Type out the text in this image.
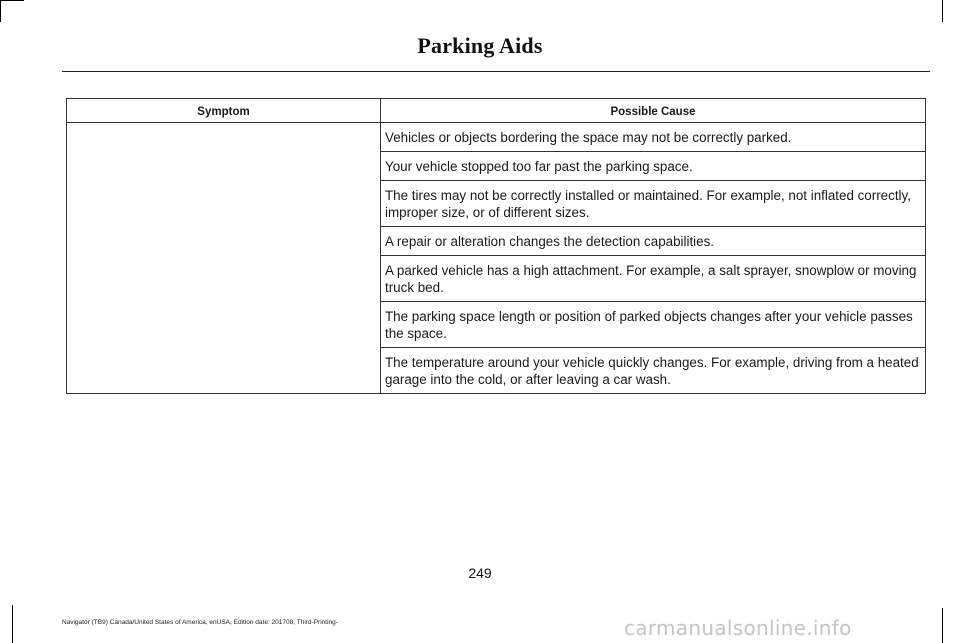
Parking Aids
Symptom	Possible Cause
	Vehicles or objects bordering the space may not be correctly parked.
	Your vehicle stopped too far past the parking space.
	The tires may not be correctly installed or maintained. For example, not inflated correctly, improper size, or of different sizes.
	A repair or alteration changes the detection capabilities.
	A parked vehicle has a high attachment. For example, a salt sprayer, snowplow or moving truck bed.
	The parking space length or position of parked objects changes after your vehicle passes the space.
	The temperature around your vehicle quickly changes. For example, driving from a heated garage into the cold, or after leaving a car wash.
249
Navigator (TB9) Canada/United States of America, enUSA, Edition date: 201708, Third-Printing-	carmanualsonline.info
